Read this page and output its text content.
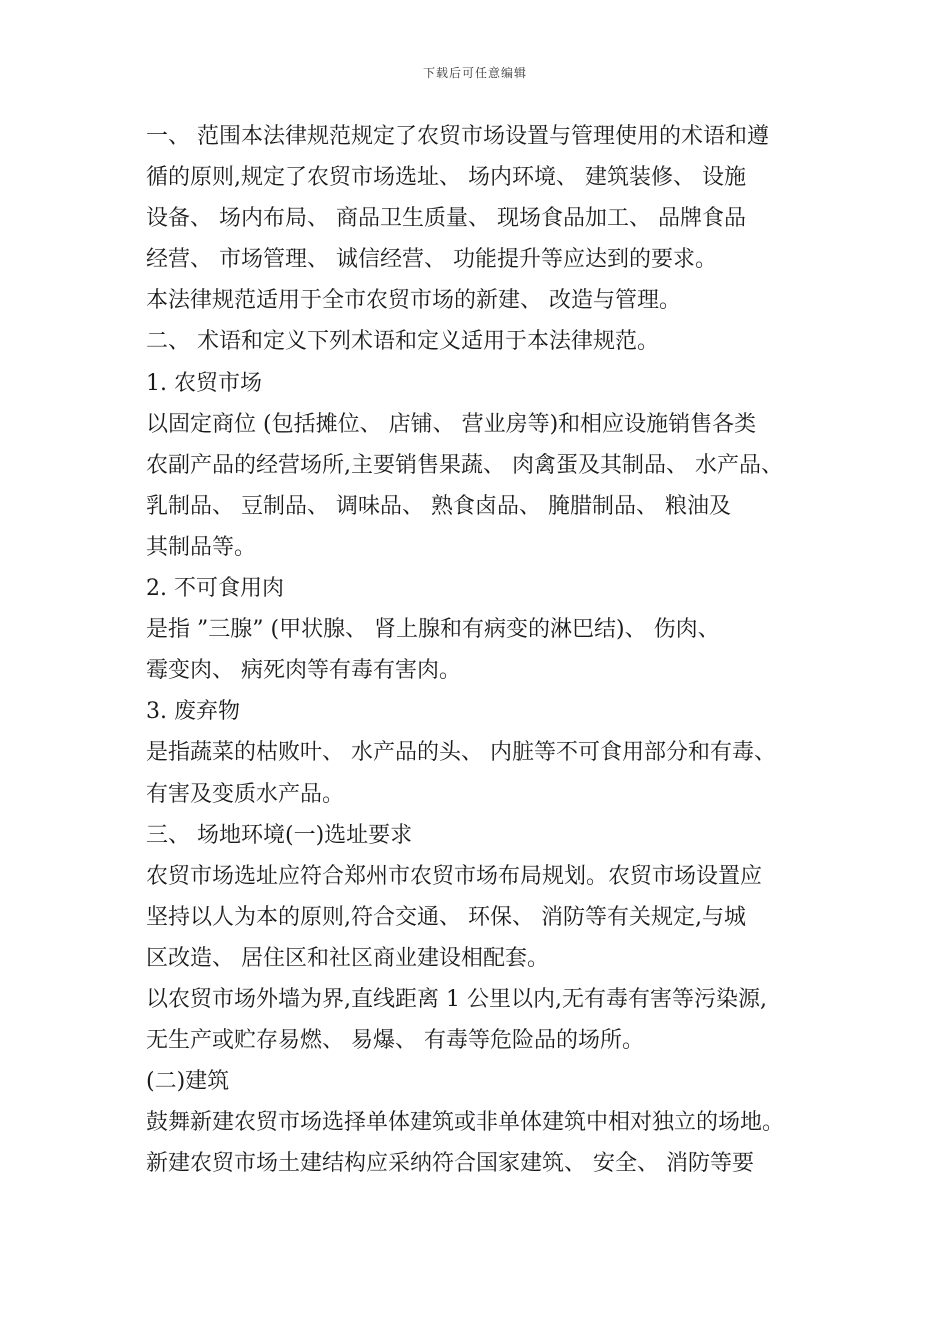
下载后可任意编辑
一、 范围本法律规范规定了农贸市场设置与管理使用的术语和遵
循的原则,规定了农贸市场选址、 场内环境、 建筑装修、 设施
设备、 场内布局、 商品卫生质量、 现场食品加工、 品牌食品
经营、 市场管理、 诚信经营、 功能提升等应达到的要求。
本法律规范适用于全市农贸市场的新建、 改造与管理。
二、 术语和定义下列术语和定义适用于本法律规范。
1. 农贸市场
以固定商位 (包括摊位、 店铺、 营业房等)和相应设施销售各类
农副产品的经营场所,主要销售果蔬、 肉禽蛋及其制品、 水产品、
乳制品、 豆制品、 调味品、 熟食卤品、 腌腊制品、 粮油及
其制品等。
2. 不可食用肉
是指 ”三腺” (甲状腺、 肾上腺和有病变的淋巴结)、 伤肉、
霉变肉、 病死肉等有毒有害肉。
3. 废弃物
是指蔬菜的枯败叶、 水产品的头、 内脏等不可食用部分和有毒、
有害及变质水产品。
三、 场地环境(一)选址要求
农贸市场选址应符合郑州市农贸市场布局规划。农贸市场设置应
坚持以人为本的原则,符合交通、 环保、 消防等有关规定,与城
区改造、 居住区和社区商业建设相配套。
以农贸市场外墙为界,直线距离 1 公里以内,无有毒有害等污染源,
无生产或贮存易燃、 易爆、 有毒等危险品的场所。
(二)建筑
鼓舞新建农贸市场选择单体建筑或非单体建筑中相对独立的场地。
新建农贸市场土建结构应采纳符合国家建筑、 安全、 消防等要
